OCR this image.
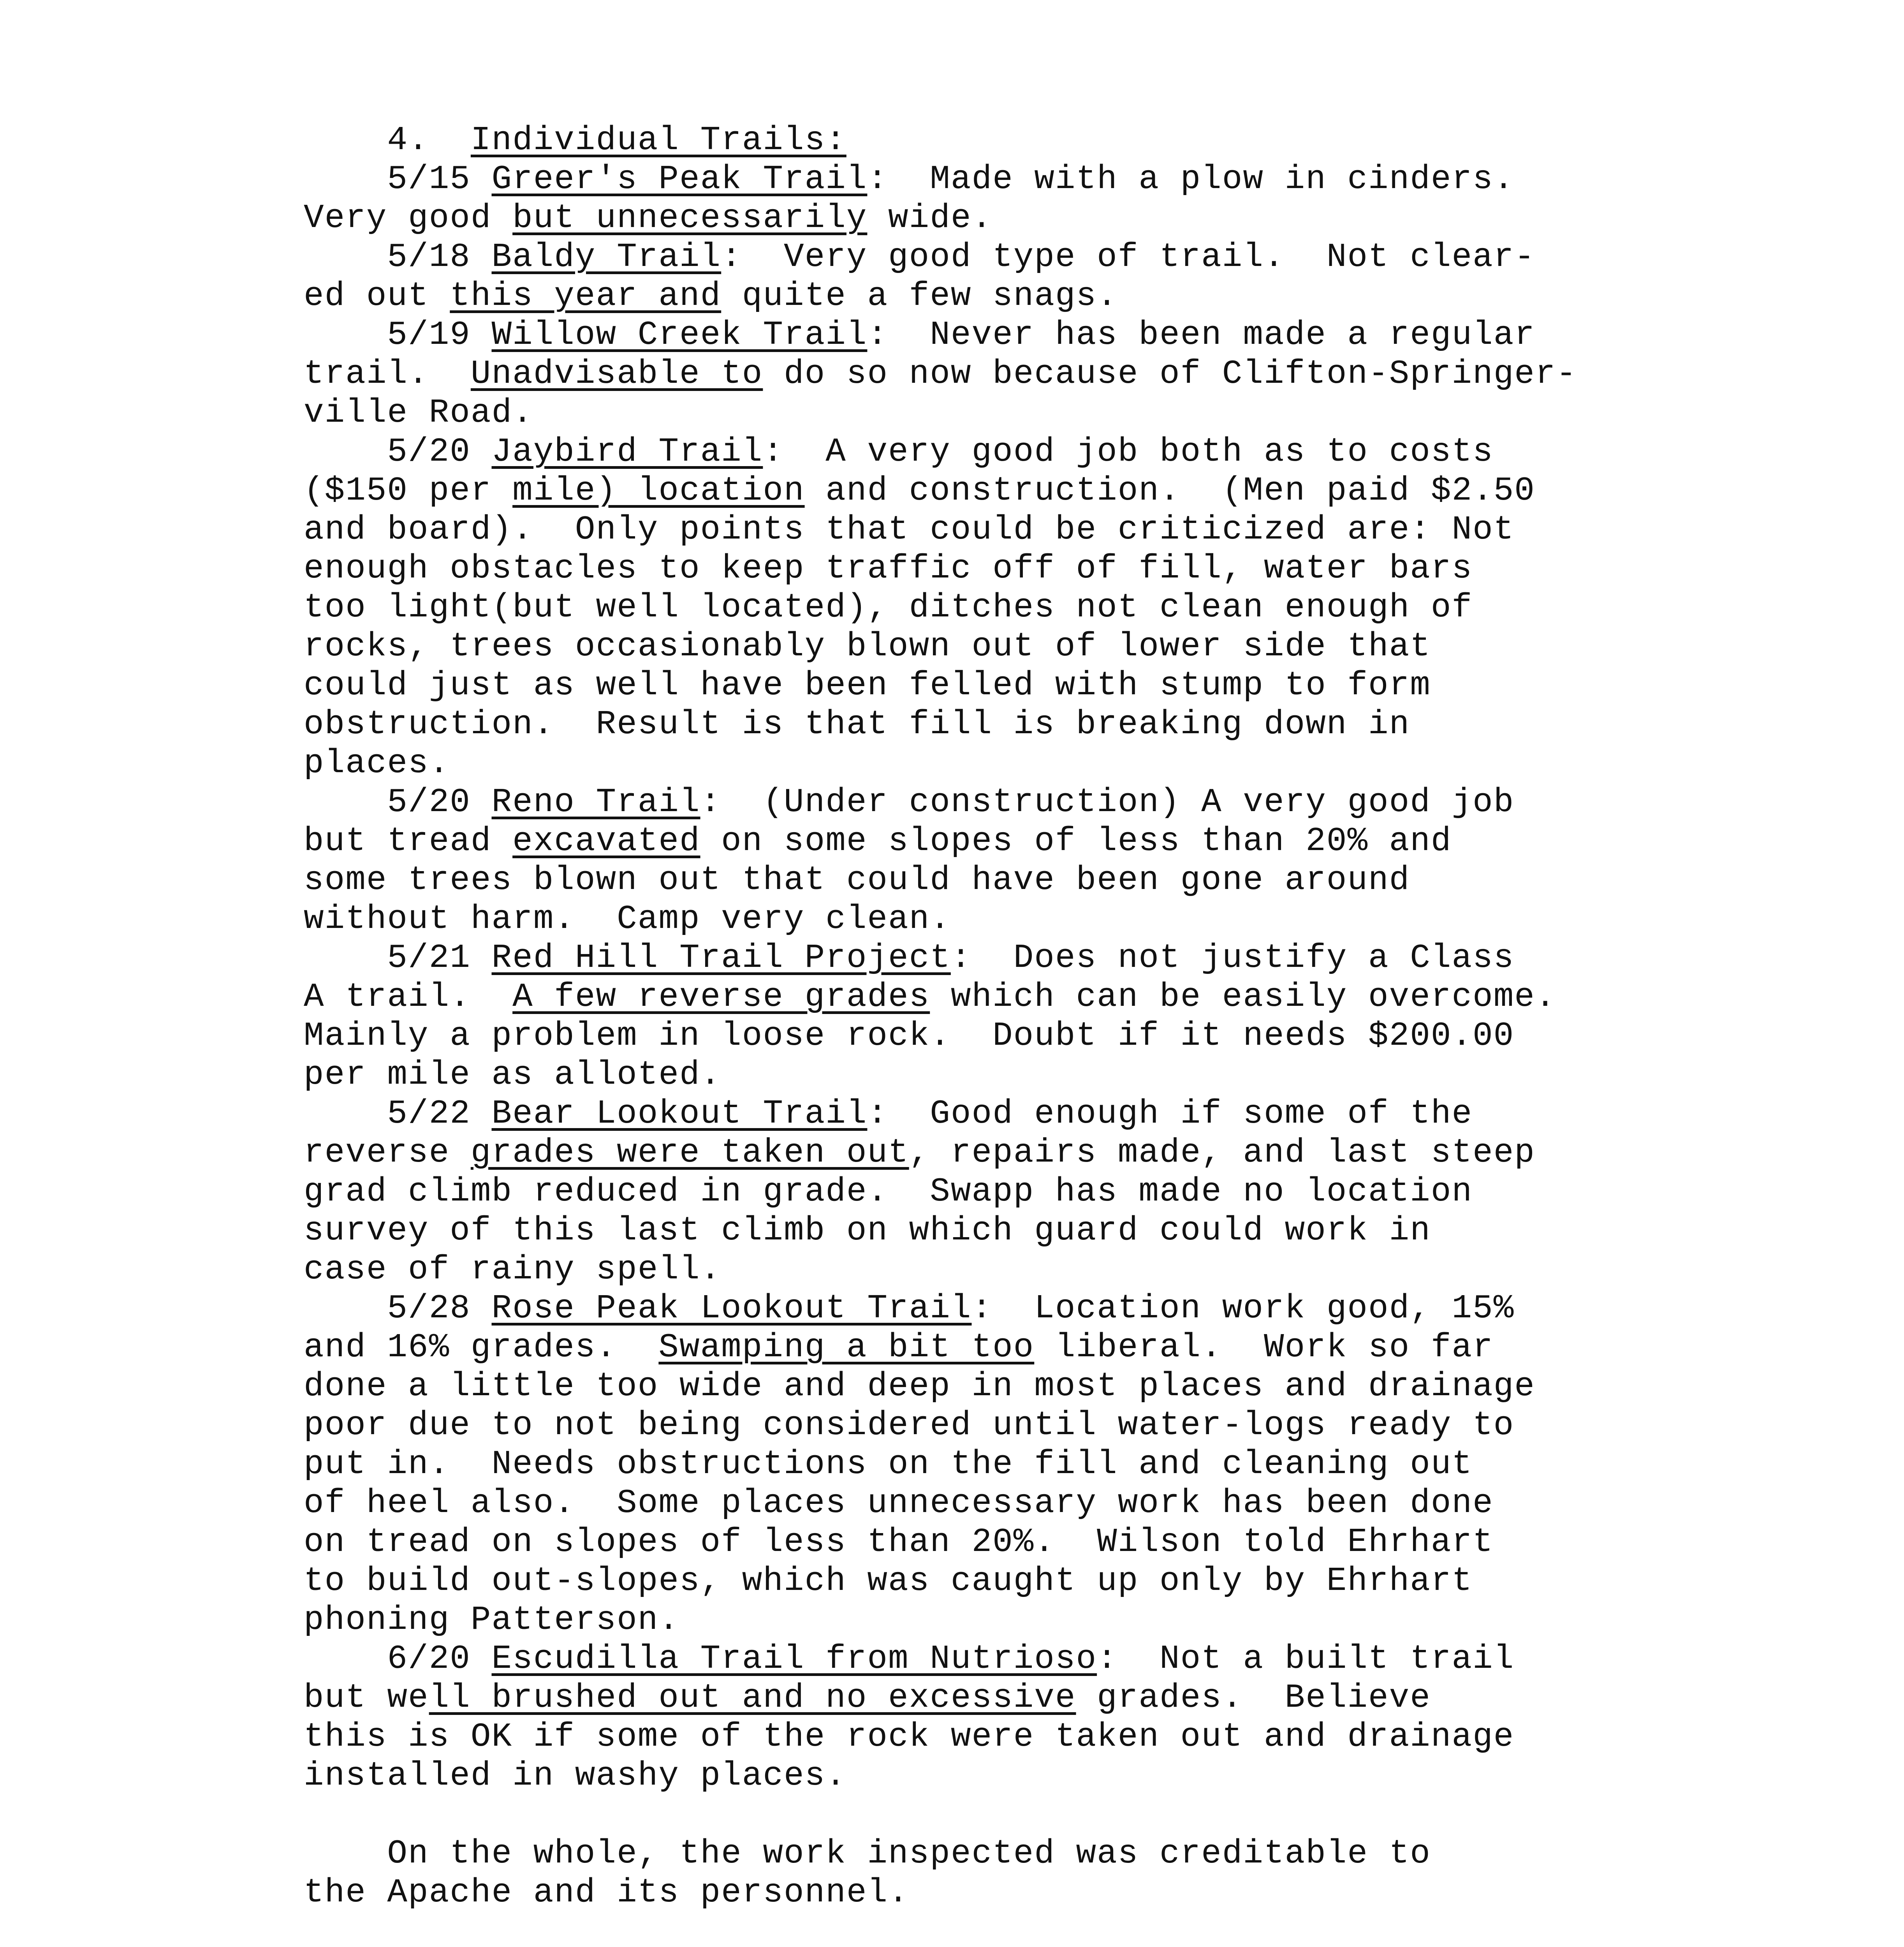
4. Individual Trails:

5/15 Greer's Peak Trail:  Made with a plow in cinders.
Very good but unnecessarily wide.
5/18 Baldy Trail:  Very good type of trail.  Not clear-
ed out this year and quite a few snags.
5/19 Willow Creek Trail:  Never has been made a regular
trail.  Unadvisable to do so now because of Clifton-Springer-
ville Road.
5/20 Jaybird Trail:  A very good job both as to costs
($150 per mile) location and construction.  (Men paid $2.50
and board).  Only points that could be criticized are: Not
enough obstacles to keep traffic off of fill, water bars
too light(but well located), ditches not clean enough of
rocks, trees occasionably blown out of lower side that
could just as well have been felled with stump to form
obstruction.  Result is that fill is breaking down in
places.
5/20 Reno Trail:  (Under construction) A very good job
but tread excavated on some slopes of less than 20% and
some trees blown out that could have been gone around
without harm.  Camp very clean.
5/21 Red Hill Trail Project:  Does not justify a Class
A trail.  A few reverse grades which can be easily overcome.
Mainly a problem in loose rock.  Doubt if it needs $200.00
per mile as alloted.
5/22 Bear Lookout Trail:  Good enough if some of the
reverse grades were taken out, repairs made, and last steep
grad climb reduced in grade.  Swapp has made no location
survey of this last climb on which guard could work in
case of rainy spell.
5/28 Rose Peak Lookout Trail:  Location work good, 15%
and 16% grades.  Swamping a bit too liberal.  Work so far
done a little too wide and deep in most places and drainage
poor due to not being considered until water-logs ready to
put in.  Needs obstructions on the fill and cleaning out
of heel also.  Some places unnecessary work has been done
on tread on slopes of less than 20%.  Wilson told Ehrhart
to build out-slopes, which was caught up only by Ehrhart
phoning Patterson.
6/20 Escudilla Trail from Nutrioso:  Not a built trail
but well brushed out and no excessive grades.  Believe
this is OK if some of the rock were taken out and drainage
installed in washy places.
On the whole, the work inspected was creditable to
the Apache and its personnel.
